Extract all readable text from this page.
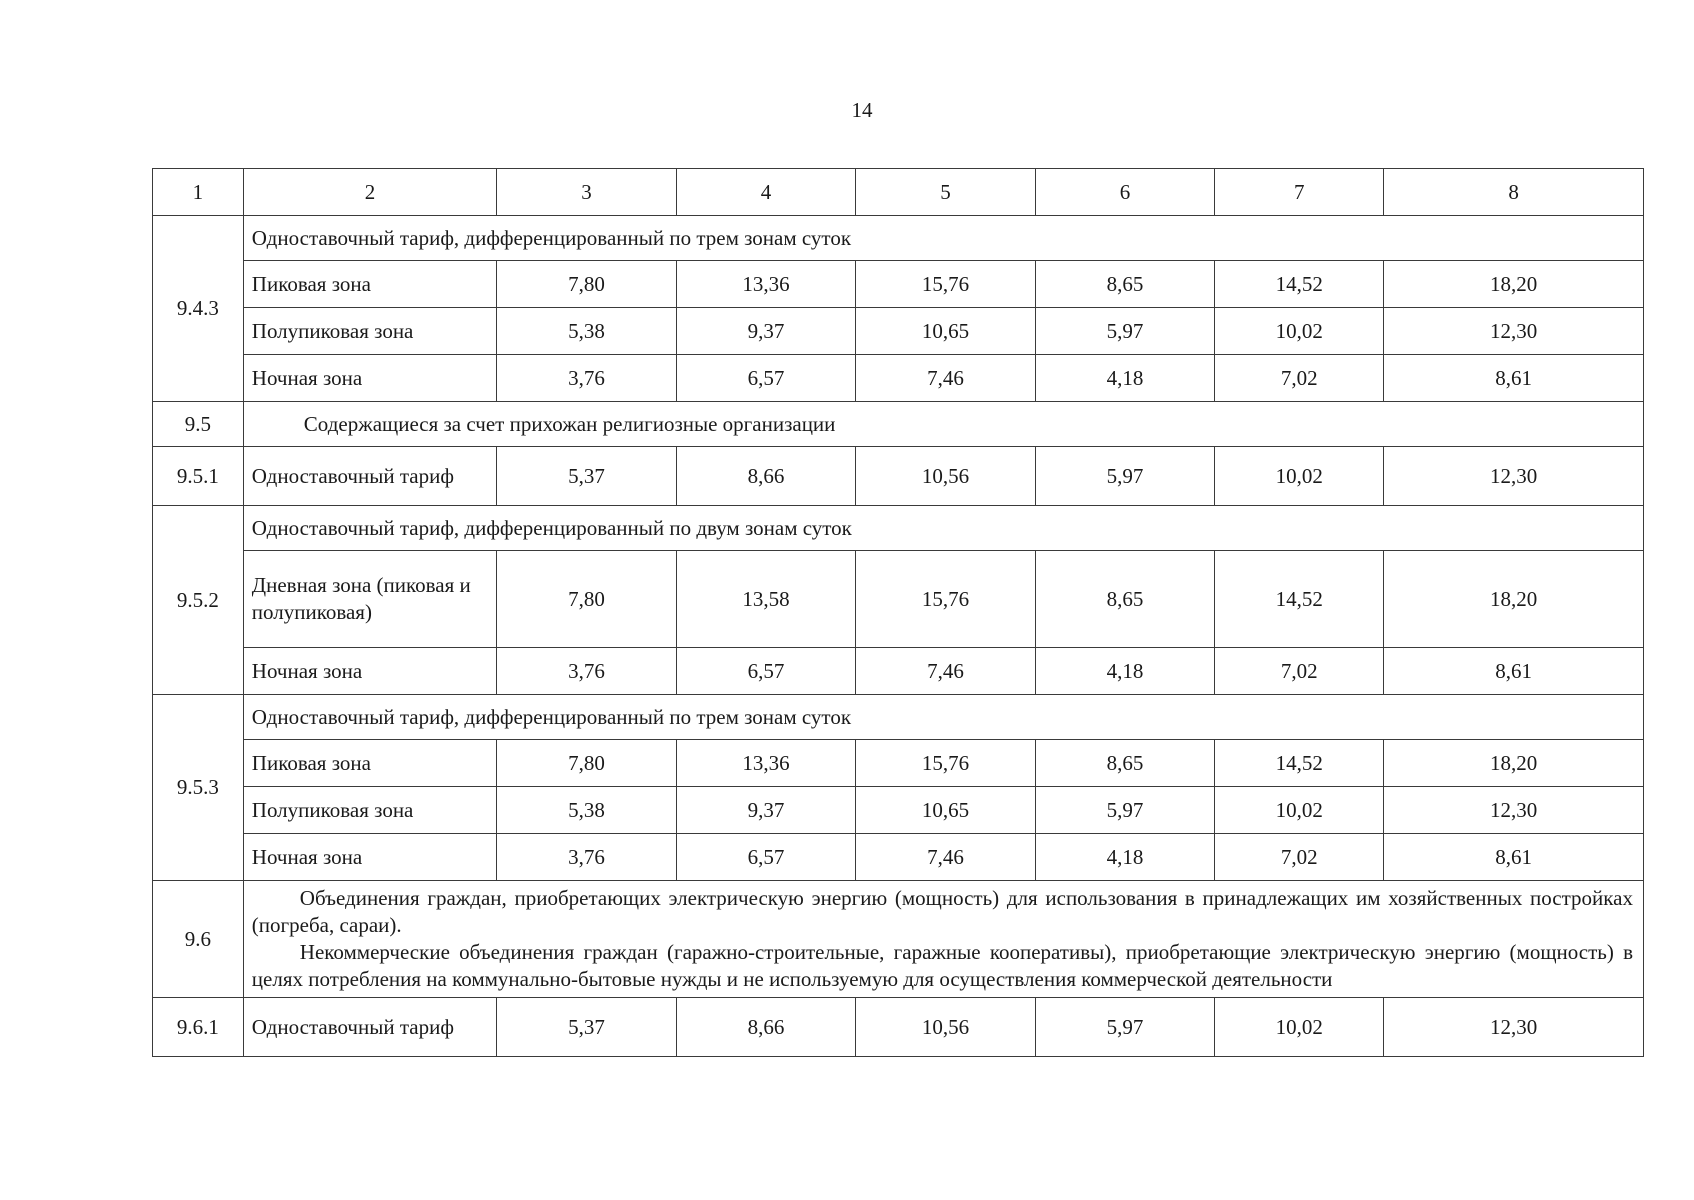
14
1	2	3	4	5	6	7	8
9.4.3	Одноставочный тариф, дифференцированный по трем зонам суток						
	Пиковая зона	7,80	13,36	15,76	8,65	14,52	18,20
	Полупиковая зона	5,38	9,37	10,65	5,97	10,02	12,30
	Ночная зона	3,76	6,57	7,46	4,18	7,02	8,61
9.5	Содержащиеся за счет прихожан религиозные организации						
9.5.1	Одноставочный тариф	5,37	8,66	10,56	5,97	10,02	12,30
9.5.2	Одноставочный тариф, дифференцированный по двум зонам суток						
	Дневная зона (пиковая и полупиковая)	7,80	13,58	15,76	8,65	14,52	18,20
	Ночная зона	3,76	6,57	7,46	4,18	7,02	8,61
9.5.3	Одноставочный тариф, дифференцированный по трем зонам суток						
	Пиковая зона	7,80	13,36	15,76	8,65	14,52	18,20
	Полупиковая зона	5,38	9,37	10,65	5,97	10,02	12,30
	Ночная зона	3,76	6,57	7,46	4,18	7,02	8,61
9.6	Объединения граждан, приобретающих электрическую энергию (мощность) для использования в принадлежащих им хозяйственных постройках (погреба, сараи).

Некоммерческие объединения граждан (гаражно-строительные, гаражные кооперативы), приобретающие электрическую энергию (мощность) в целях потребления на коммунально-бытовые нужды и не используемую для осуществления коммерческой деятельности						

9.6.1	Одноставочный тариф	5,37	8,66	10,56	5,97	10,02	12,30
